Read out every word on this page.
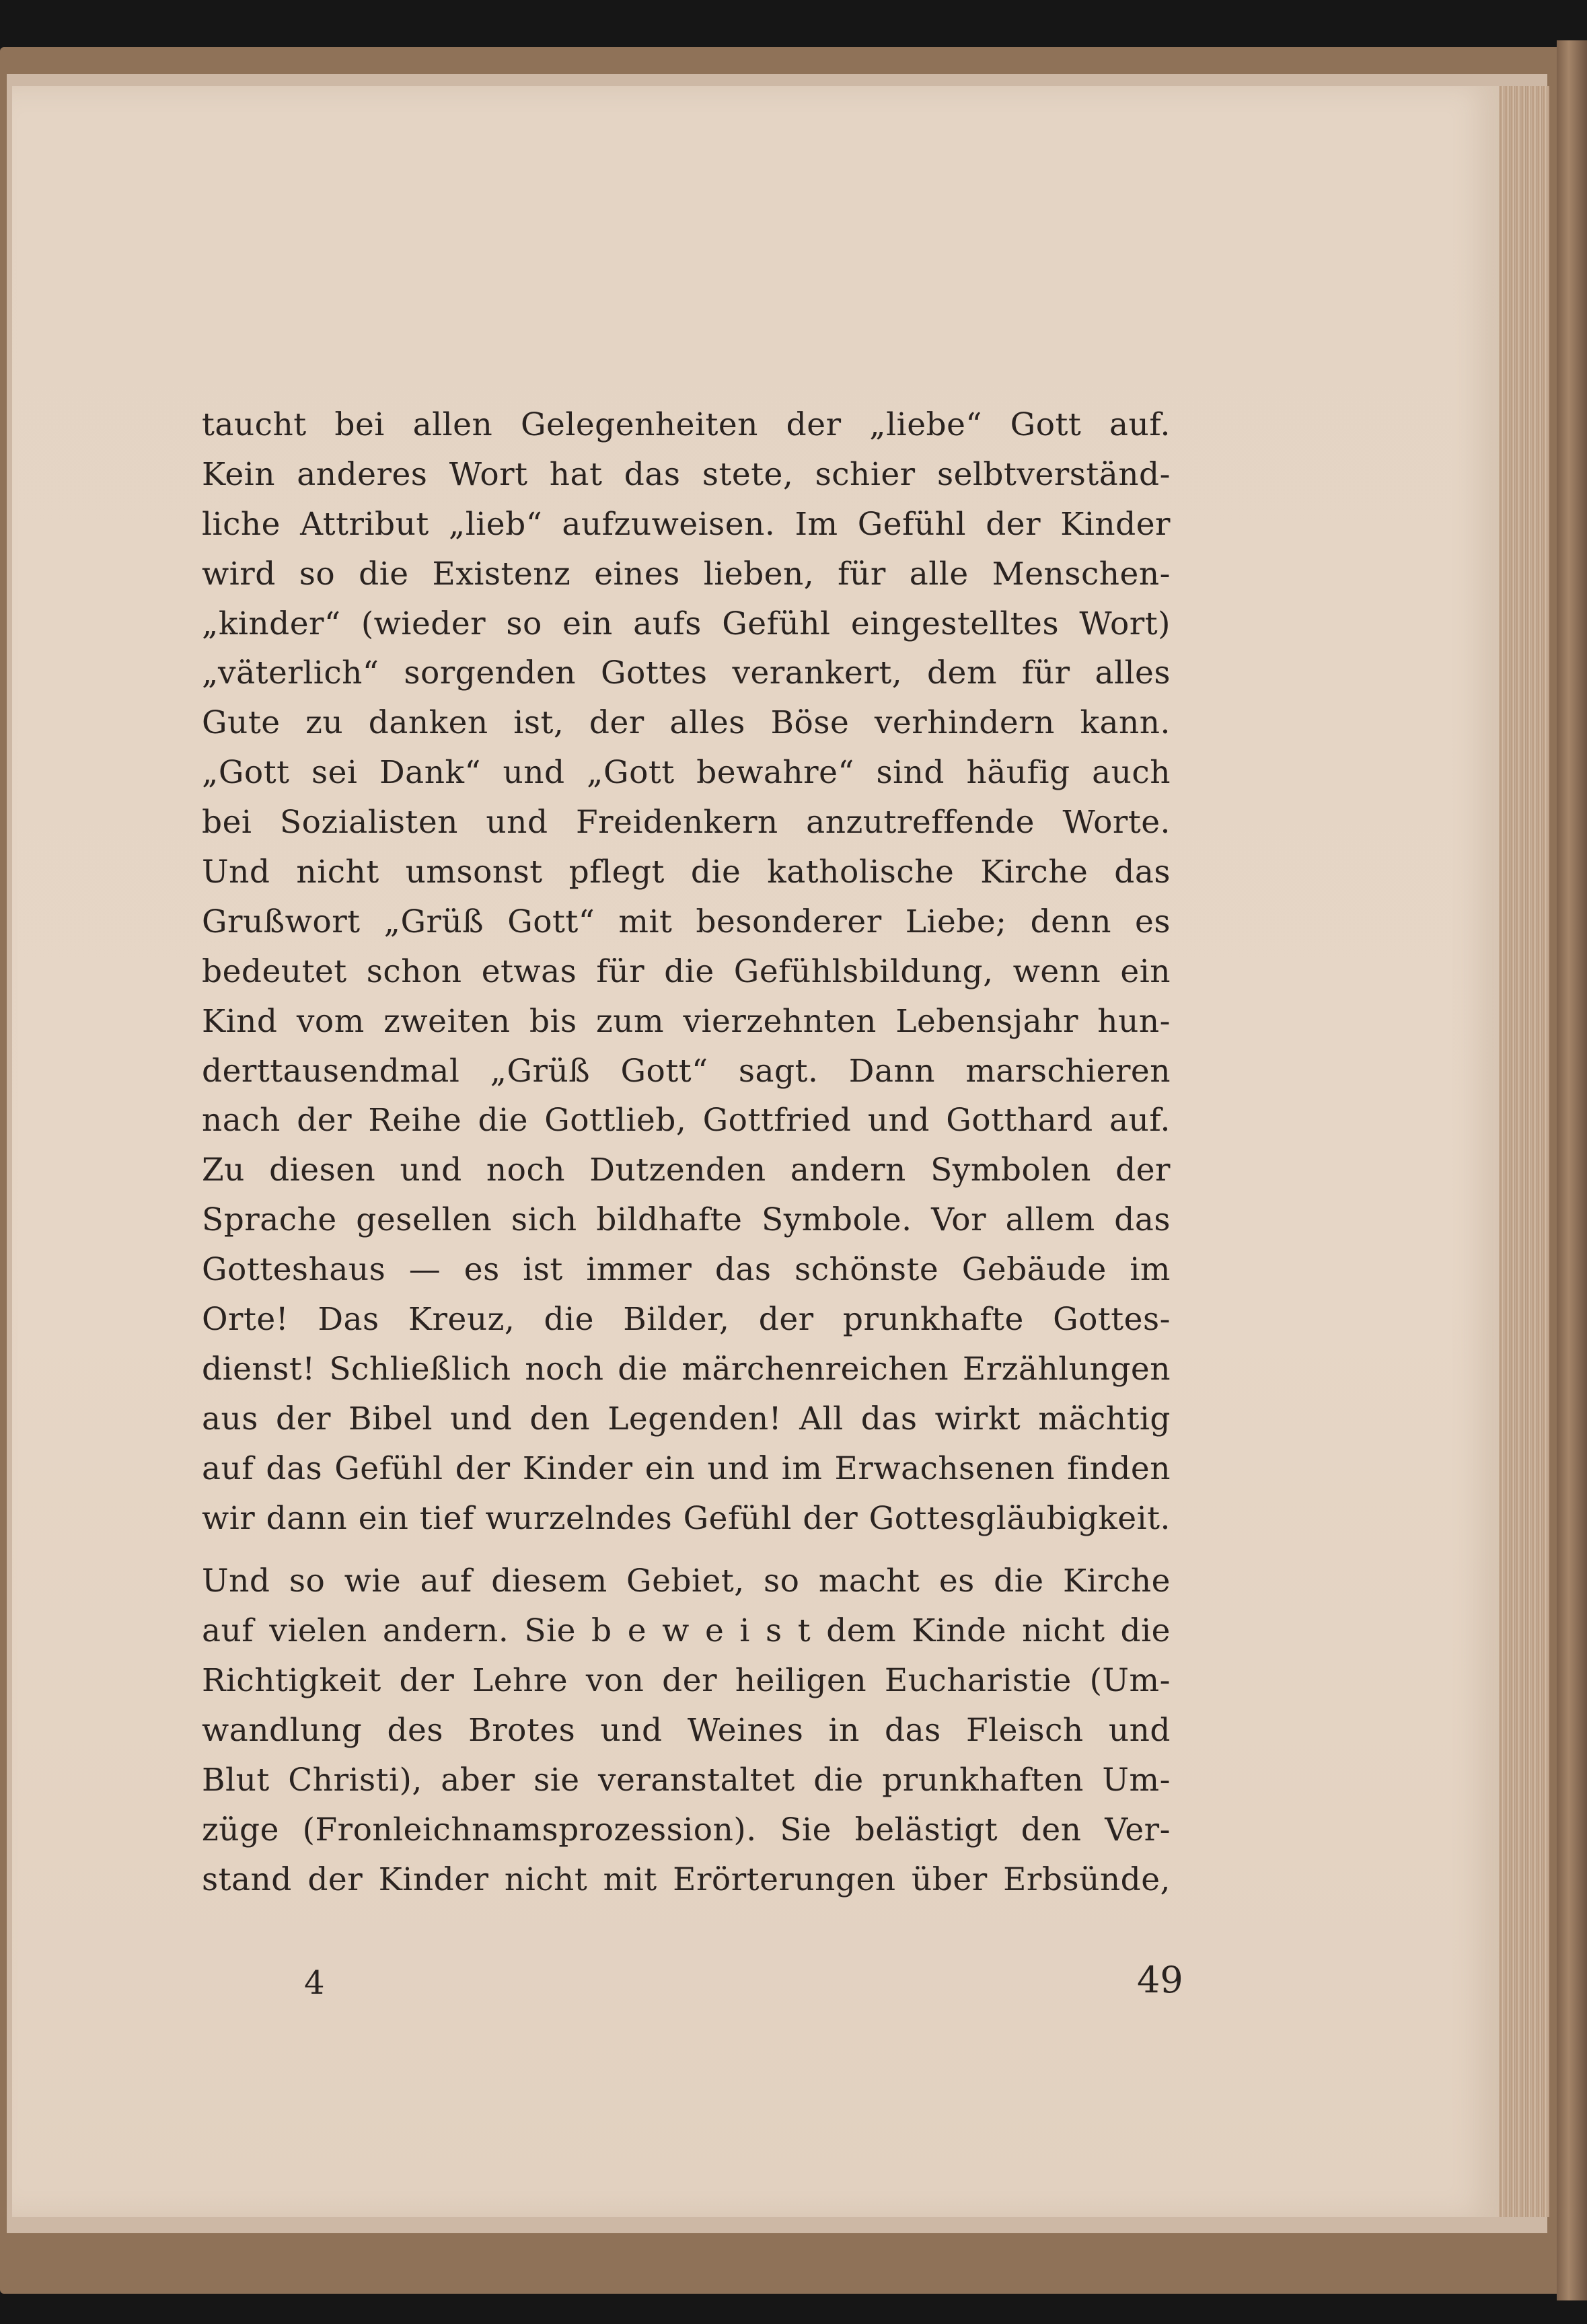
taucht bei allen Gelegenheiten der „liebe“ Gott auf.
Kein anderes Wort hat das stete, schier selbtverständ-
liche Attribut „lieb“ aufzuweisen. Im Gefühl der Kinder
wird so die Existenz eines lieben, für alle Menschen-
„kinder“ (wieder so ein aufs Gefühl eingestelltes Wort)
„väterlich“ sorgenden Gottes verankert, dem für alles
Gute zu danken ist, der alles Böse verhindern kann.
„Gott sei Dank“ und „Gott bewahre“ sind häufig auch
bei Sozialisten und Freidenkern anzutreffende Worte.
Und nicht umsonst pflegt die katholische Kirche das
Grußwort „Grüß Gott“ mit besonderer Liebe; denn es
bedeutet schon etwas für die Gefühlsbildung, wenn ein
Kind vom zweiten bis zum vierzehnten Lebensjahr hun-
derttausendmal „Grüß Gott“ sagt. Dann marschieren
nach der Reihe die Gottlieb, Gottfried und Gotthard auf.
Zu diesen und noch Dutzenden andern Symbolen der
Sprache gesellen sich bildhafte Symbole. Vor allem das
Gotteshaus — es ist immer das schönste Gebäude im
Orte! Das Kreuz, die Bilder, der prunkhafte Gottes-
dienst! Schließlich noch die märchenreichen Erzählungen
aus der Bibel und den Legenden! All das wirkt mächtig
auf das Gefühl der Kinder ein und im Erwachsenen finden
wir dann ein tief wurzelndes Gefühl der Gottesgläubigkeit.
Und so wie auf diesem Gebiet, so macht es die Kirche
auf vielen andern. Sie b e w e i s t dem Kinde nicht die
Richtigkeit der Lehre von der heiligen Eucharistie (Um-
wandlung des Brotes und Weines in das Fleisch und
Blut Christi), aber sie veranstaltet die prunkhaften Um-
züge (Fronleichnamsprozession). Sie belästigt den Ver-
stand der Kinder nicht mit Erörterungen über Erbsünde,
4	49
